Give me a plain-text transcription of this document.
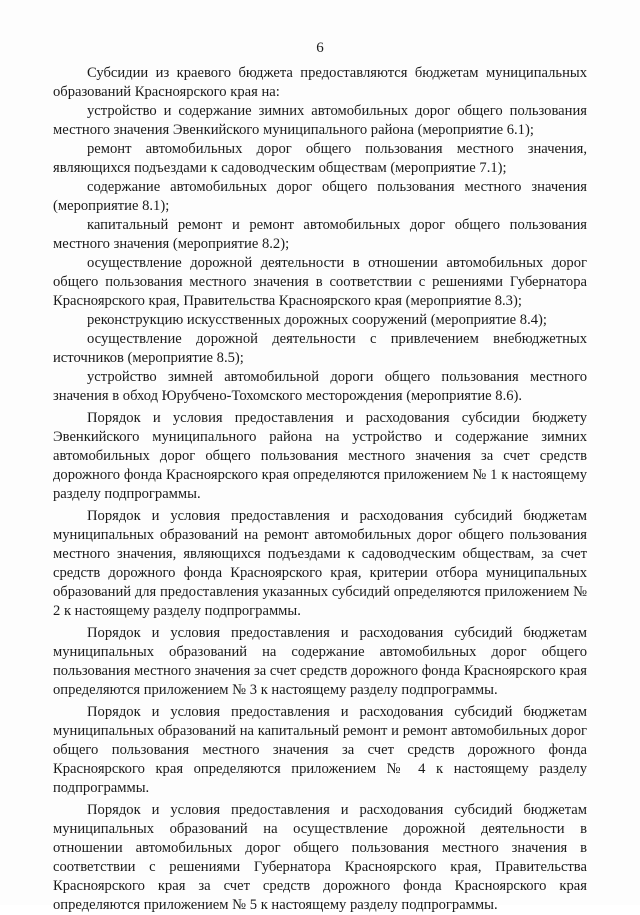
6

Субсидии из краевого бюджета предоставляются бюджетам муниципальных образований Красноярского края на:

устройство и содержание зимних автомобильных дорог общего пользования местного значения Эвенкийского муниципального района (мероприятие 6.1);

ремонт автомобильных дорог общего пользования местного значения, являющихся подъездами к садоводческим обществам (мероприятие 7.1);

содержание автомобильных дорог общего пользования местного значения (мероприятие 8.1);

капитальный ремонт и ремонт автомобильных дорог общего пользования местного значения (мероприятие 8.2);

осуществление дорожной деятельности в отношении автомобильных дорог общего пользования местного значения в соответствии с решениями Губернатора Красноярского края, Правительства Красноярского края (мероприятие 8.3);

реконструкцию искусственных дорожных сооружений (мероприятие 8.4);

осуществление дорожной деятельности с привлечением внебюджетных источников (мероприятие 8.5);

устройство зимней автомобильной дороги общего пользования местного значения в обход Юрубчено-Тохомского месторождения (мероприятие 8.6).

Порядок и условия предоставления и расходования субсидии бюджету Эвенкийского муниципального района на устройство и содержание зимних автомобильных дорог общего пользования местного значения за счет средств дорожного фонда Красноярского края определяются приложением № 1 к настоящему разделу подпрограммы.

Порядок и условия предоставления и расходования субсидий бюджетам муниципальных образований на ремонт автомобильных дорог общего пользования местного значения, являющихся подъездами к садоводческим обществам, за счет средств дорожного фонда Красноярского края, критерии отбора муниципальных образований для предоставления указанных субсидий определяются приложением № 2 к настоящему разделу подпрограммы.

Порядок и условия предоставления и расходования субсидий бюджетам муниципальных образований на содержание автомобильных дорог общего пользования местного значения за счет средств дорожного фонда Красноярского края определяются приложением № 3 к настоящему разделу подпрограммы.

Порядок и условия предоставления и расходования субсидий бюджетам муниципальных образований на капитальный ремонт и ремонт автомобильных дорог общего пользования местного значения за счет средств дорожного фонда Красноярского края определяются приложением № 4 к настоящему разделу подпрограммы.

Порядок и условия предоставления и расходования субсидий бюджетам муниципальных образований на осуществление дорожной деятельности в отношении автомобильных дорог общего пользования местного значения в соответствии с решениями Губернатора Красноярского края, Правительства Красноярского края за счет средств дорожного фонда Красноярского края определяются приложением № 5 к настоящему разделу подпрограммы.
